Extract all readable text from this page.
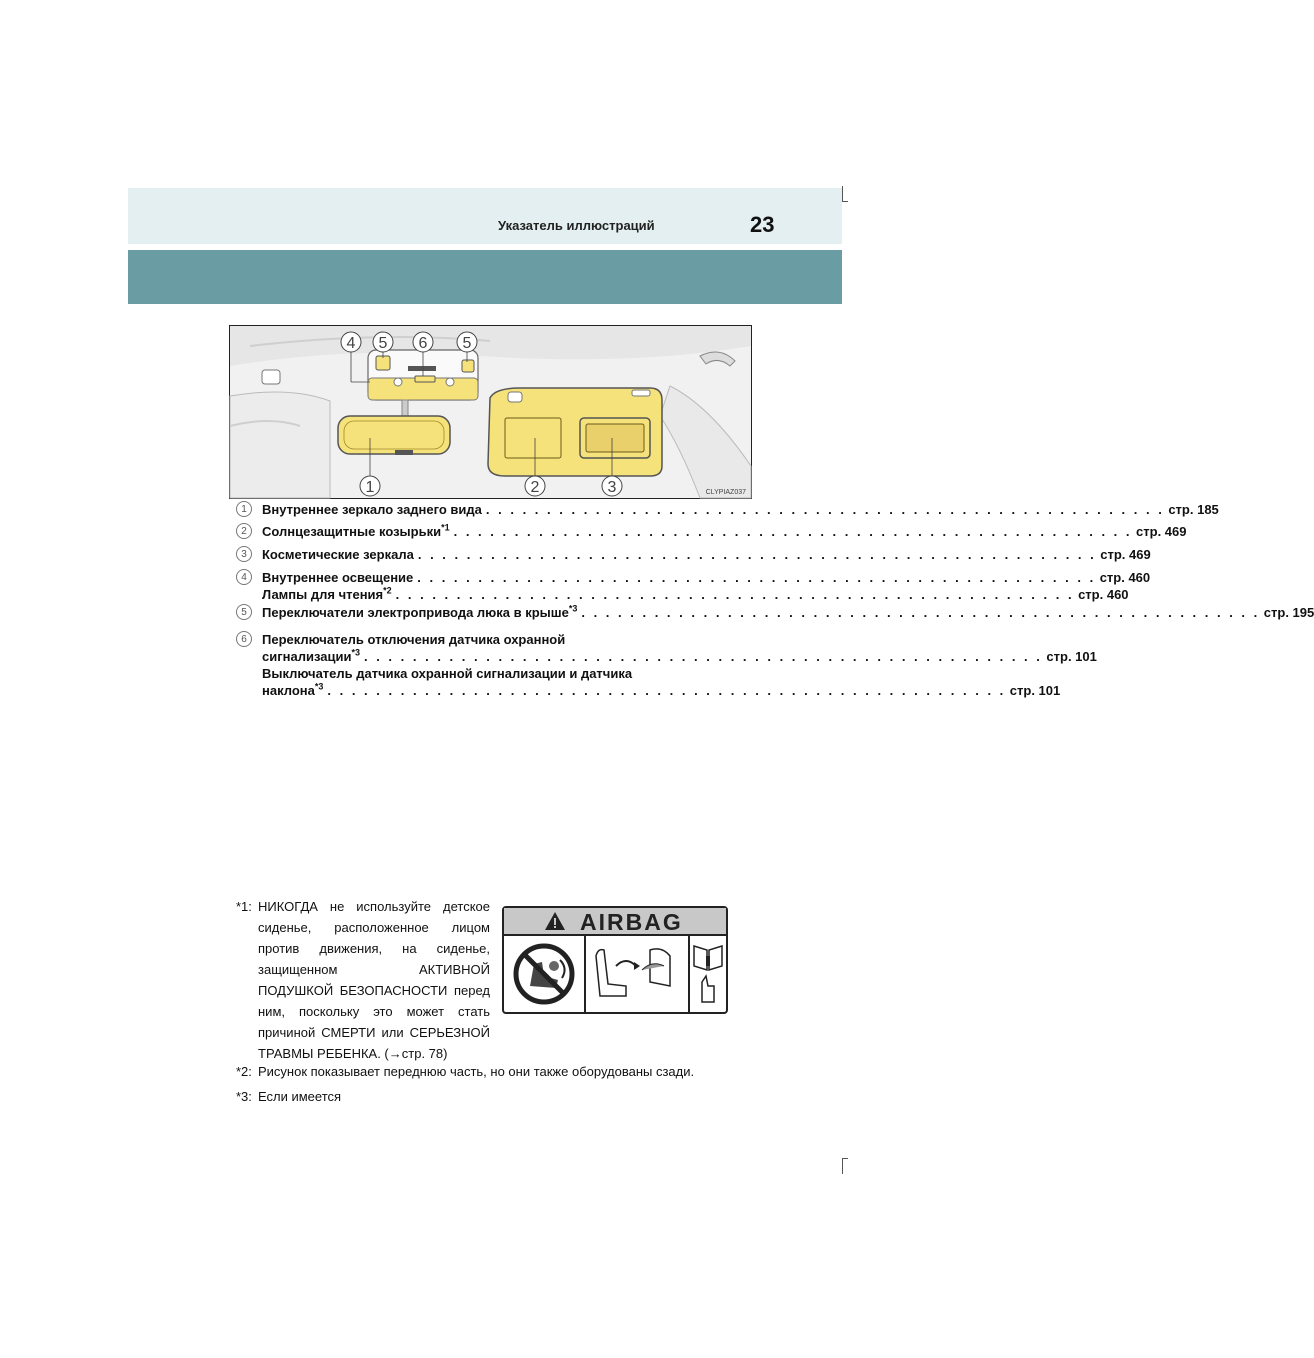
Указатель иллюстраций	23
4 5 6 5
1	2	3	CLYPIAZ037
1	Внутреннее зеркало заднего вида . . . . . . . . . . . . . . . . . . . . . . . . . . . . . . . . . . . . . . . . . . . . . . . . . . . . . . . . стр. 185
2	Солнцезащитные козырьки$^{*1}$ . . . . . . . . . . . . . . . . . . . . . . . . . . . . . . . . . . . . . . . . . . . . . . . . . . . . . . . . стр. 469
3	Косметические зеркала . . . . . . . . . . . . . . . . . . . . . . . . . . . . . . . . . . . . . . . . . . . . . . . . . . . . . . . . стр. 469
4	Внутреннее освещение . . . . . . . . . . . . . . . . . . . . . . . . . . . . . . . . . . . . . . . . . . . . . . . . . . . . . . . . стр. 460
Лампы для чтения$^{*2}$ . . . . . . . . . . . . . . . . . . . . . . . . . . . . . . . . . . . . . . . . . . . . . . . . . . . . . . . . стр. 460
5	Переключатели электропривода люка в крыше$^{*3}$ . . . . . . . . . . . . . . . . . . . . . . . . . . . . . . . . . . . . . . . . . . . . . . . . . . . . . . . . стр. 195
6	Переключатель отключения датчика охранной
сигнализации$^{*3}$ . . . . . . . . . . . . . . . . . . . . . . . . . . . . . . . . . . . . . . . . . . . . . . . . . . . . . . . . стр. 101
Выключатель датчика охранной сигнализации и датчика
наклона$^{*3}$ . . . . . . . . . . . . . . . . . . . . . . . . . . . . . . . . . . . . . . . . . . . . . . . . . . . . . . . . стр. 101
*1: НИКОГДА не используйте детское сиденье, расположенное лицом против движения, на сиденье, защищенном АКТИВНОЙ ПОДУШКОЙ БЕЗОПАСНОСТИ перед ним, поскольку это может стать причиной СМЕРТИ или СЕРЬЕЗНОЙ ТРАВМЫ РЕБЕНКА. (→стр. 78)
*2: Рисунок показывает переднюю часть, но они также оборудованы сзади.
*3: Если имеется
AIRBAG
